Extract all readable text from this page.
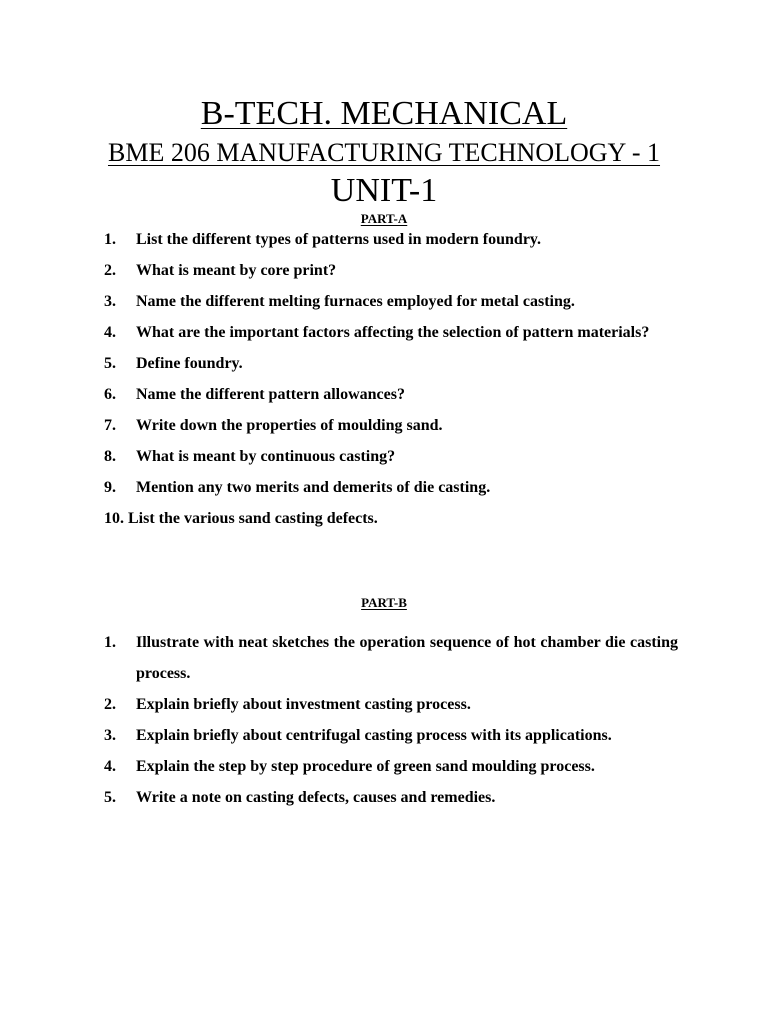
B-TECH. MECHANICAL
BME 206 MANUFACTURING TECHNOLOGY - 1
UNIT-1
PART-A
1. List the different types of patterns used in modern foundry.
2. What is meant by core print?
3. Name the different melting furnaces employed for metal casting.
4. What are the important factors affecting the selection of pattern materials?
5. Define foundry.
6. Name the different pattern allowances?
7. Write down the properties of moulding sand.
8. What is meant by continuous casting?
9. Mention any two merits and demerits of die casting.
10. List the various sand casting defects.
PART-B
1. Illustrate with neat sketches the operation sequence of hot chamber die casting process.
2. Explain briefly about investment casting process.
3. Explain briefly about centrifugal casting process with its applications.
4. Explain the step by step procedure of green sand moulding process.
5. Write a note on casting defects, causes and remedies.
